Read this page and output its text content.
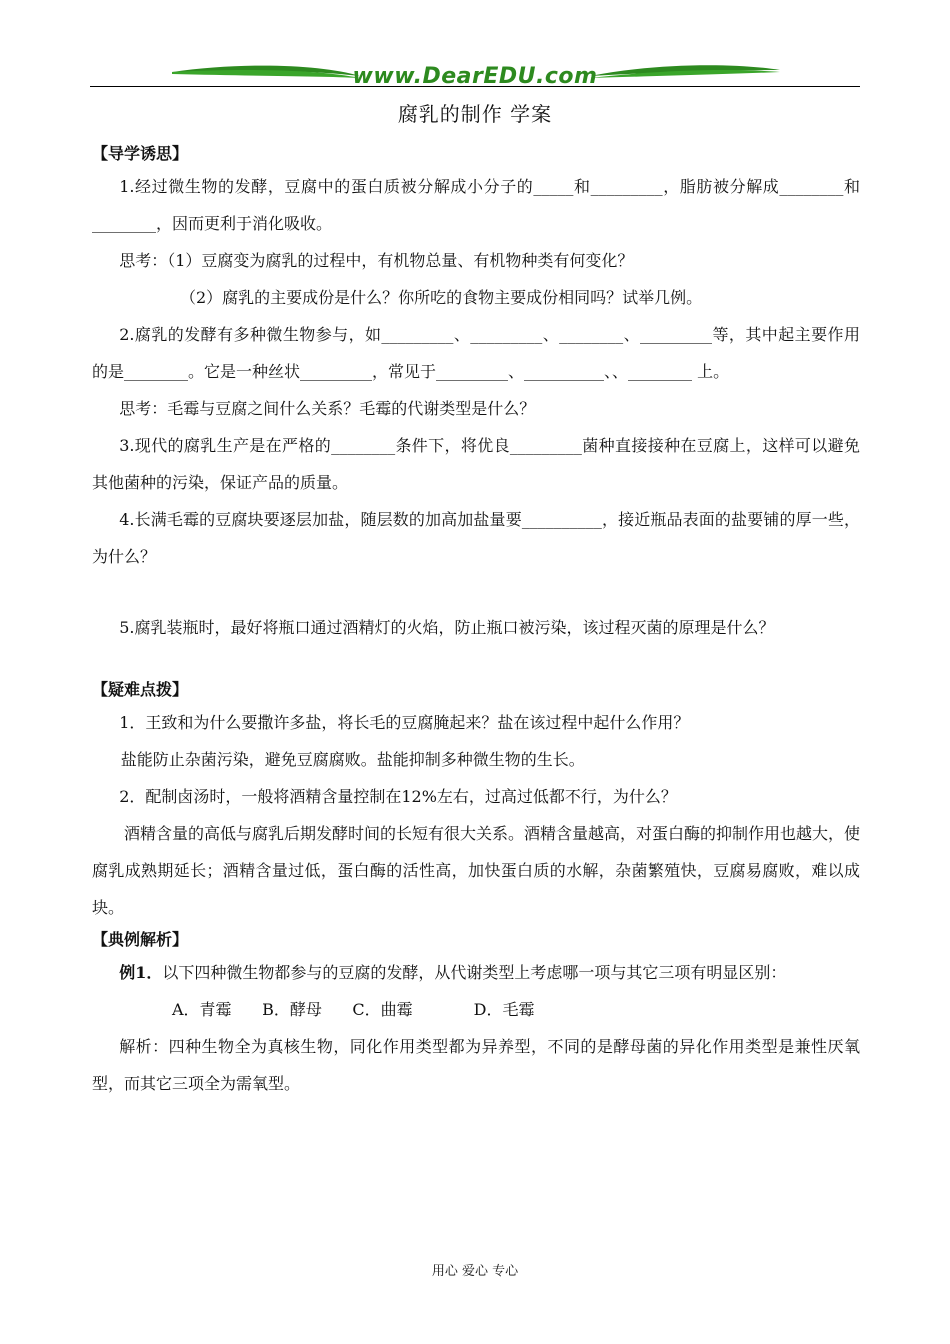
www.DearEDU.com
腐乳的制作 学案
【导学诱思】
1.经过微生物的发酵，豆腐中的蛋白质被分解成小分子的_____和_________，脂肪被分解成________和________，因而更利于消化吸收。
思考：（1）豆腐变为腐乳的过程中，有机物总量、有机物种类有何变化？
（2）腐乳的主要成份是什么？你所吃的食物主要成份相同吗？试举几例。
2.腐乳的发酵有多种微生物参与，如_________、_________、________、_________等，其中起主要作用的是________。它是一种丝状_________，常见于_________、__________、、________ 上。
思考：毛霉与豆腐之间什么关系？毛霉的代谢类型是什么？
3.现代的腐乳生产是在严格的________条件下，将优良_________菌种直接接种在豆腐上，这样可以避免其他菌种的污染，保证产品的质量。
4.长满毛霉的豆腐块要逐层加盐，随层数的加高加盐量要__________，接近瓶品表面的盐要铺的厚一些，为什么？
5.腐乳装瓶时，最好将瓶口通过酒精灯的火焰，防止瓶口被污染，该过程灭菌的原理是什么？
【疑难点拨】
1．王致和为什么要撒许多盐，将长毛的豆腐腌起来？盐在该过程中起什么作用？
盐能防止杂菌污染，避免豆腐腐败。盐能抑制多种微生物的生长。
2．配制卤汤时，一般将酒精含量控制在12%左右，过高过低都不行，为什么？
酒精含量的高低与腐乳后期发酵时间的长短有很大关系。酒精含量越高，对蛋白酶的抑制作用也越大，使腐乳成熟期延长；酒精含量过低，蛋白酶的活性高，加快蛋白质的水解，杂菌繁殖快，豆腐易腐败，难以成块。
【典例解析】
例1．以下四种微生物都参与的豆腐的发酵，从代谢类型上考虑哪一项与其它三项有明显区别：
A．青霉      B．酵母      C．曲霉            D．毛霉
解析：四种生物全为真核生物，同化作用类型都为异养型，不同的是酵母菌的异化作用类型是兼性厌氧型，而其它三项全为需氧型。
用心 爱心 专心
